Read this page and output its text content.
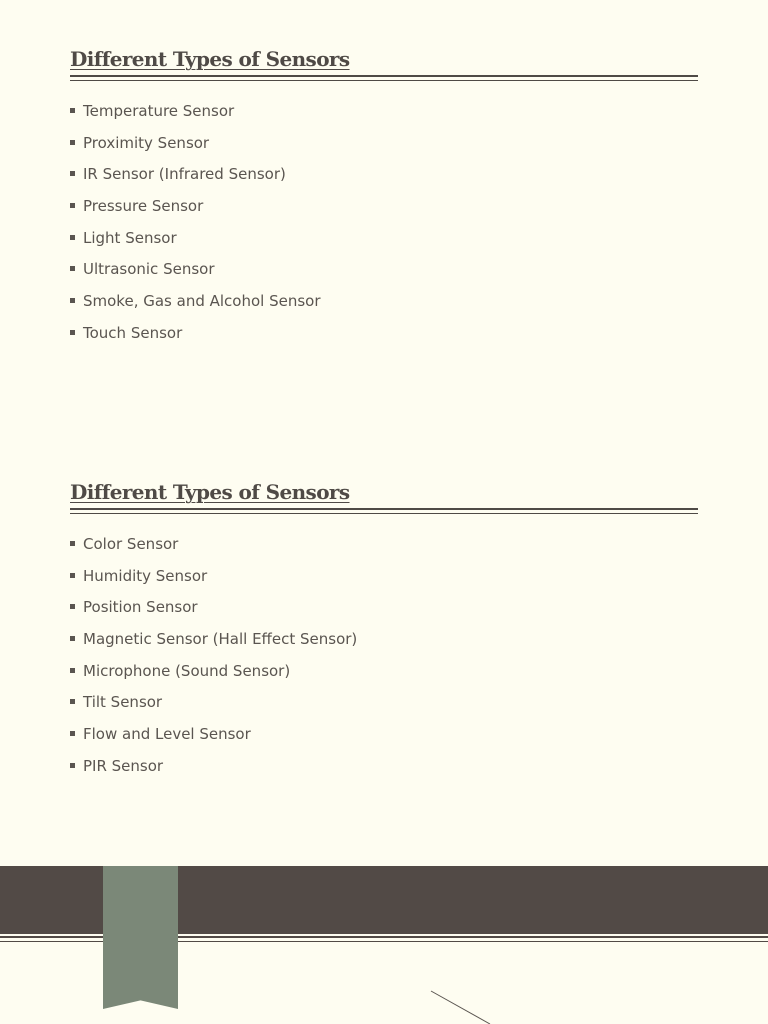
Different Types of Sensors
Temperature Sensor
Proximity Sensor
IR Sensor (Infrared Sensor)
Pressure Sensor
Light Sensor
Ultrasonic Sensor
Smoke, Gas and Alcohol Sensor
Touch Sensor
Different Types of Sensors
Color Sensor
Humidity Sensor
Position Sensor
Magnetic Sensor (Hall Effect Sensor)
Microphone (Sound Sensor)
Tilt Sensor
Flow and Level Sensor
PIR Sensor
